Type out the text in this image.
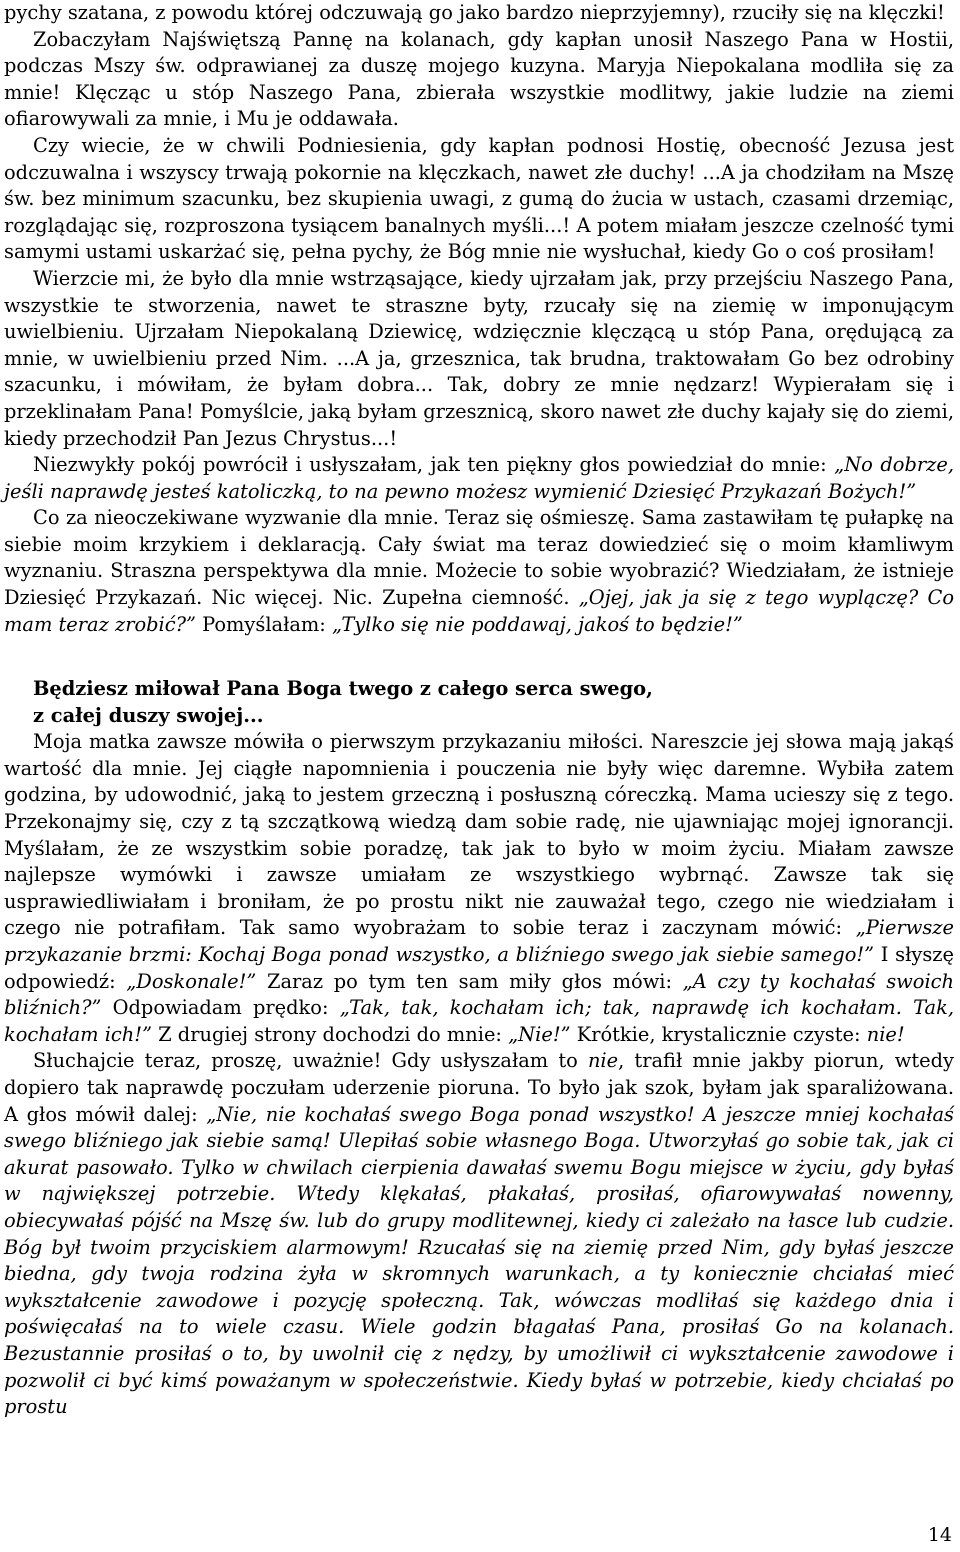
pychy szatana, z powodu której odczuwają go jako bardzo nieprzyjemny), rzuciły się na klęczki!

Zobaczyłam Najświętszą Pannę na kolanach, gdy kapłan unosił Naszego Pana w Hostii, podczas Mszy św. odprawianej za duszę mojego kuzyna. Maryja Niepokalana modliła się za mnie! Klęcząc u stóp Naszego Pana, zbierała wszystkie modlitwy, jakie ludzie na ziemi ofiarowywali za mnie, i Mu je oddawała.

Czy wiecie, że w chwili Podniesienia, gdy kapłan podnosi Hostię, obecność Jezusa jest odczuwalna i wszyscy trwają pokornie na klęczkach, nawet złe duchy! ...A ja chodziłam na Mszę św. bez minimum szacunku, bez skupienia uwagi, z gumą do żucia w ustach, czasami drzemiąc, rozglądając się, rozproszona tysiącem banalnych myśli...! A potem miałam jeszcze czelność tymi samymi ustami uskarżać się, pełna pychy, że Bóg mnie nie wysłuchał, kiedy Go o coś prosiłam!

Wierzcie mi, że było dla mnie wstrząsające, kiedy ujrzałam jak, przy przejściu Naszego Pana, wszystkie te stworzenia, nawet te straszne byty, rzucały się na ziemię w imponującym uwielbieniu. Ujrzałam Niepokalaną Dziewicę, wdzięcznie klęczącą u stóp Pana, orędującą za mnie, w uwielbieniu przed Nim. ...A ja, grzesznica, tak brudna, traktowałam Go bez odrobiny szacunku, i mówiłam, że byłam dobra... Tak, dobry ze mnie nędzarz! Wypierałam się i przeklinałam Pana! Pomyślcie, jaką byłam grzesznicą, skoro nawet złe duchy kajały się do ziemi, kiedy przechodził Pan Jezus Chrystus...!

Niezwykły pokój powrócił i usłyszałam, jak ten piękny głos powiedział do mnie: „No dobrze, jeśli naprawdę jesteś katoliczką, to na pewno możesz wymienić Dziesięć Przykazań Bożych!”

Co za nieoczekiwane wyzwanie dla mnie. Teraz się ośmieszę. Sama zastawiłam tę pułapkę na siebie moim krzykiem i deklaracją. Cały świat ma teraz dowiedzieć się o moim kłamliwym wyznaniu. Straszna perspektywa dla mnie. Możecie to sobie wyobrazić? Wiedziałam, że istnieje Dziesięć Przykazań. Nic więcej. Nic. Zupełna ciemność. „Ojej, jak ja się z tego wyplączę? Co mam teraz zrobić?” Pomyślałam: „Tylko się nie poddawaj, jakoś to będzie!”

Będziesz miłował Pana Boga twego z całego serca swego,
z całej duszy swojej...

Moja matka zawsze mówiła o pierwszym przykazaniu miłości. Nareszcie jej słowa mają jakąś wartość dla mnie. Jej ciągłe napomnienia i pouczenia nie były więc daremne. Wybiła zatem godzina, by udowodnić, jaką to jestem grzeczną i posłuszną córeczką. Mama ucieszy się z tego. Przekonajmy się, czy z tą szczątkową wiedzą dam sobie radę, nie ujawniając mojej ignorancji. Myślałam, że ze wszystkim sobie poradzę, tak jak to było w moim życiu. Miałam zawsze najlepsze wymówki i zawsze umiałam ze wszystkiego wybrnąć. Zawsze tak się usprawiedliwiałam i broniłam, że po prostu nikt nie zauważał tego, czego nie wiedziałam i czego nie potrafiłam. Tak samo wyobrażam to sobie teraz i zaczynam mówić: „Pierwsze przykazanie brzmi: Kochaj Boga ponad wszystko, a bliźniego swego jak siebie samego!” I słyszę odpowiedź: „Doskonale!” Zaraz po tym ten sam miły głos mówi: „A czy ty kochałaś swoich bliźnich?” Odpowiadam prędko: „Tak, tak, kochałam ich; tak, naprawdę ich kochałam. Tak, kochałam ich!” Z drugiej strony dochodzi do mnie: „Nie!” Krótkie, krystalicznie czyste: nie!

Słuchajcie teraz, proszę, uważnie! Gdy usłyszałam to nie, trafił mnie jakby piorun, wtedy dopiero tak naprawdę poczułam uderzenie pioruna. To było jak szok, byłam jak sparaliżowana. A głos mówił dalej: „Nie, nie kochałaś swego Boga ponad wszystko! A jeszcze mniej kochałaś swego bliźniego jak siebie samą! Ulepiłaś sobie własnego Boga. Utworzyłaś go sobie tak, jak ci akurat pasowało. Tylko w chwilach cierpienia dawałaś swemu Bogu miejsce w życiu, gdy byłaś w największej potrzebie. Wtedy klękałaś, płakałaś, prosiłaś, ofiarowywałaś nowenny, obiecywałaś pójść na Mszę św. lub do grupy modlitewnej, kiedy ci zależało na łasce lub cudzie. Bóg był twoim przyciskiem alarmowym! Rzucałaś się na ziemię przed Nim, gdy byłaś jeszcze biedna, gdy twoja rodzina żyła w skromnych warunkach, a ty koniecznie chciałaś mieć wykształcenie zawodowe i pozycję społeczną. Tak, wówczas modliłaś się każdego dnia i poświęcałaś na to wiele czasu. Wiele godzin błagałaś Pana, prosiłaś Go na kolanach. Bezustannie prosiłaś o to, by uwolnił cię z nędzy, by umożliwił ci wykształcenie zawodowe i pozwolił ci być kimś poważanym w społeczeństwie. Kiedy byłaś w potrzebie, kiedy chciałaś po prostu

14
